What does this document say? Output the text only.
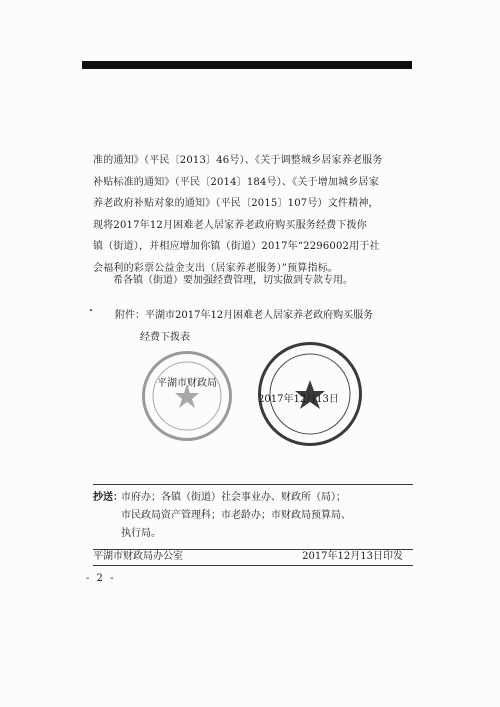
准的通知》（平民〔2013〕46号）、《关于调整城乡居家养老服务
补贴标准的通知》（平民〔2014〕184号）、《关于增加城乡居家
养老政府补贴对象的通知》（平民〔2015〕107号）文件精神，
现将2017年12月困难老人居家养老政府购买服务经费下拨你
镇（街道），并相应增加你镇（街道）2017年“2296002用于社
会福利的彩票公益金支出（居家养老服务）”预算指标。
希各镇（街道）要加强经费管理，切实做到专款专用。
附件：平湖市2017年12月困难老人居家养老政府购买服务
经费下拨表
平湖市财政局
2017年12月13日
抄送：市府办；各镇（街道）社会事业办、财政所（局）；
市民政局资产管理科；市老龄办；市财政局预算局、
执行局。
平湖市财政局办公室	2017年12月13日印发
- 2 -
